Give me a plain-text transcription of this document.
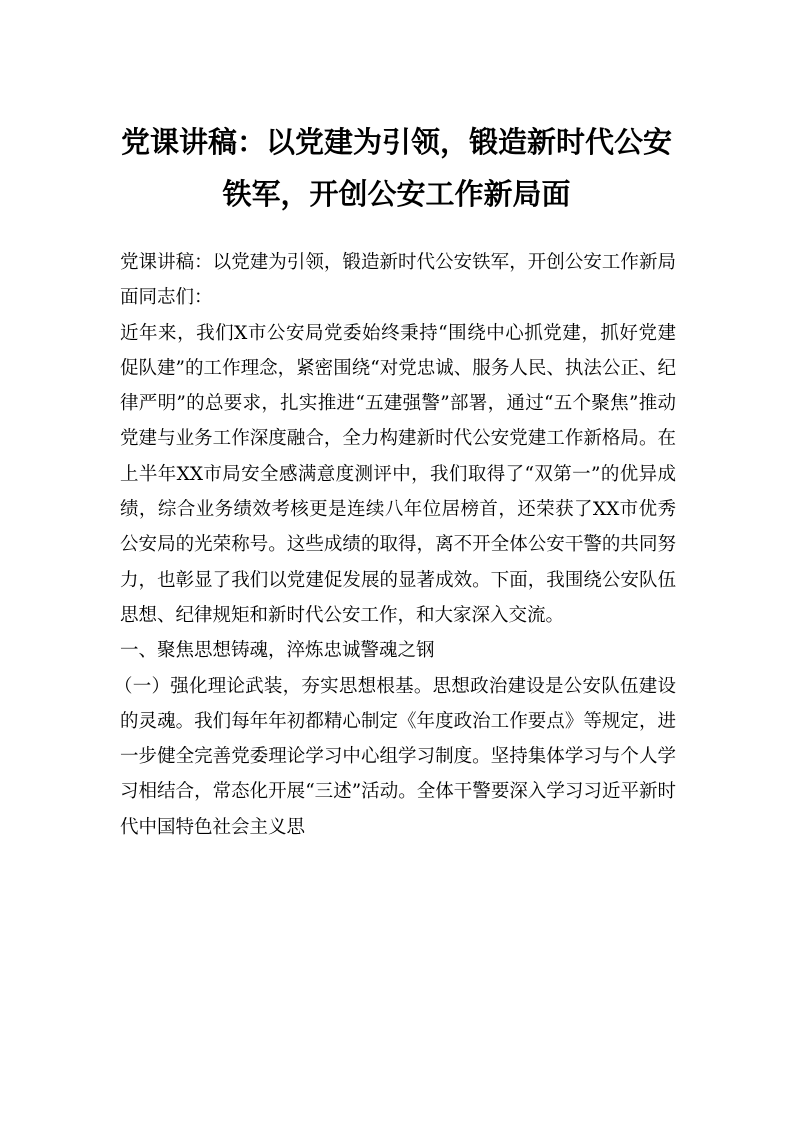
党课讲稿：以党建为引领，锻造新时代公安
铁军，开创公安工作新局面

党课讲稿：以党建为引领，锻造新时代公安铁军，开创公安工作新局面同志们：

近年来，我们X市公安局党委始终秉持“围绕中心抓党建，抓好党建促队建”的工作理念，紧密围绕“对党忠诚、服务人民、执法公正、纪律严明”的总要求，扎实推进“五建强警”部署，通过“五个聚焦”推动党建与业务工作深度融合，全力构建新时代公安党建工作新格局。在上半年XX市局安全感满意度测评中，我们取得了“双第一”的优异成绩，综合业务绩效考核更是连续八年位居榜首，还荣获了XX市优秀公安局的光荣称号。这些成绩的取得，离不开全体公安干警的共同努力，也彰显了我们以党建促发展的显著成效。下面，我围绕公安队伍思想、纪律规矩和新时代公安工作，和大家深入交流。

一、聚焦思想铸魂，淬炼忠诚警魂之钢

（一）强化理论武装，夯实思想根基。思想政治建设是公安队伍建设的灵魂。我们每年年初都精心制定《年度政治工作要点》等规定，进一步健全完善党委理论学习中心组学习制度。坚持集体学习与个人学习相结合，常态化开展“三述”活动。全体干警要深入学习习近平新时代中国特色社会主义思
